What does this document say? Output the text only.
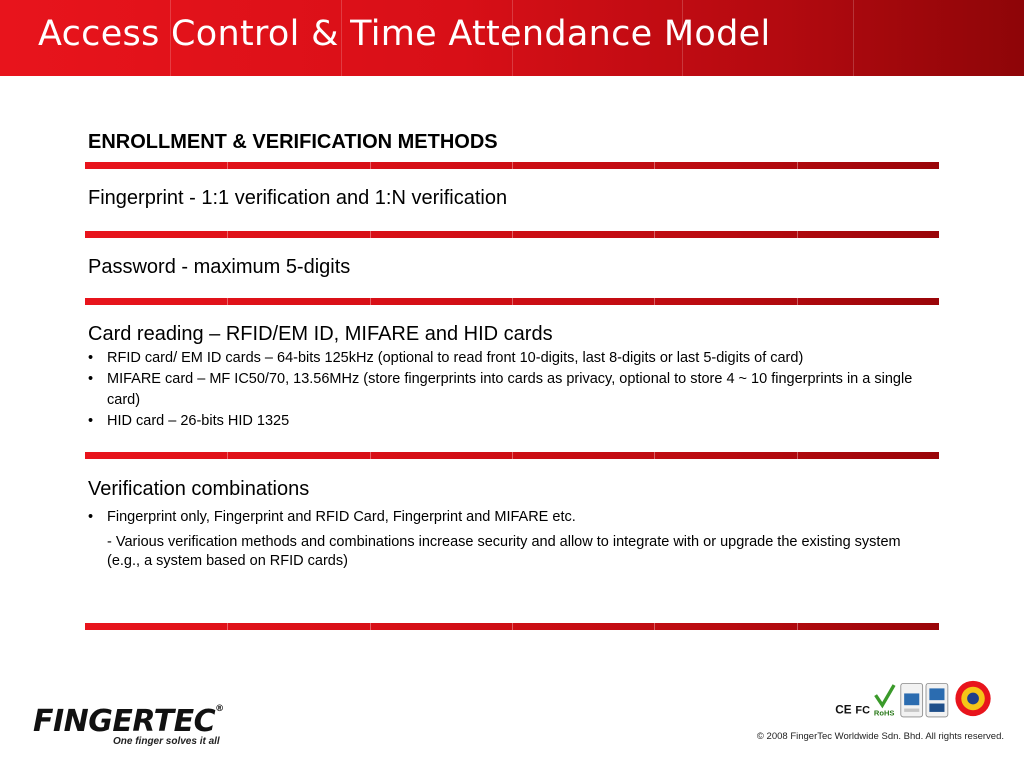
Access Control & Time Attendance Model
ENROLLMENT & VERIFICATION METHODS
Fingerprint - 1:1 verification and 1:N verification
Password - maximum 5-digits
Card reading – RFID/EM ID, MIFARE and HID cards
• RFID card/ EM ID cards – 64-bits 125kHz (optional to read front 10-digits, last 8-digits or last 5-digits of card)
• MIFARE card – MF IC50/70, 13.56MHz (store fingerprints into cards as privacy, optional to store 4 ~ 10 fingerprints in a single card)
• HID card – 26-bits HID 1325
Verification combinations
• Fingerprint only, Fingerprint and RFID Card, Fingerprint and MIFARE etc.
- Various verification methods and combinations increase security and allow to integrate with or upgrade the existing system (e.g., a system based on RFID cards)
FINGERTEC®
One finger solves it all
CE FC RoHS
© 2008 FingerTec Worldwide Sdn. Bhd. All rights reserved.
